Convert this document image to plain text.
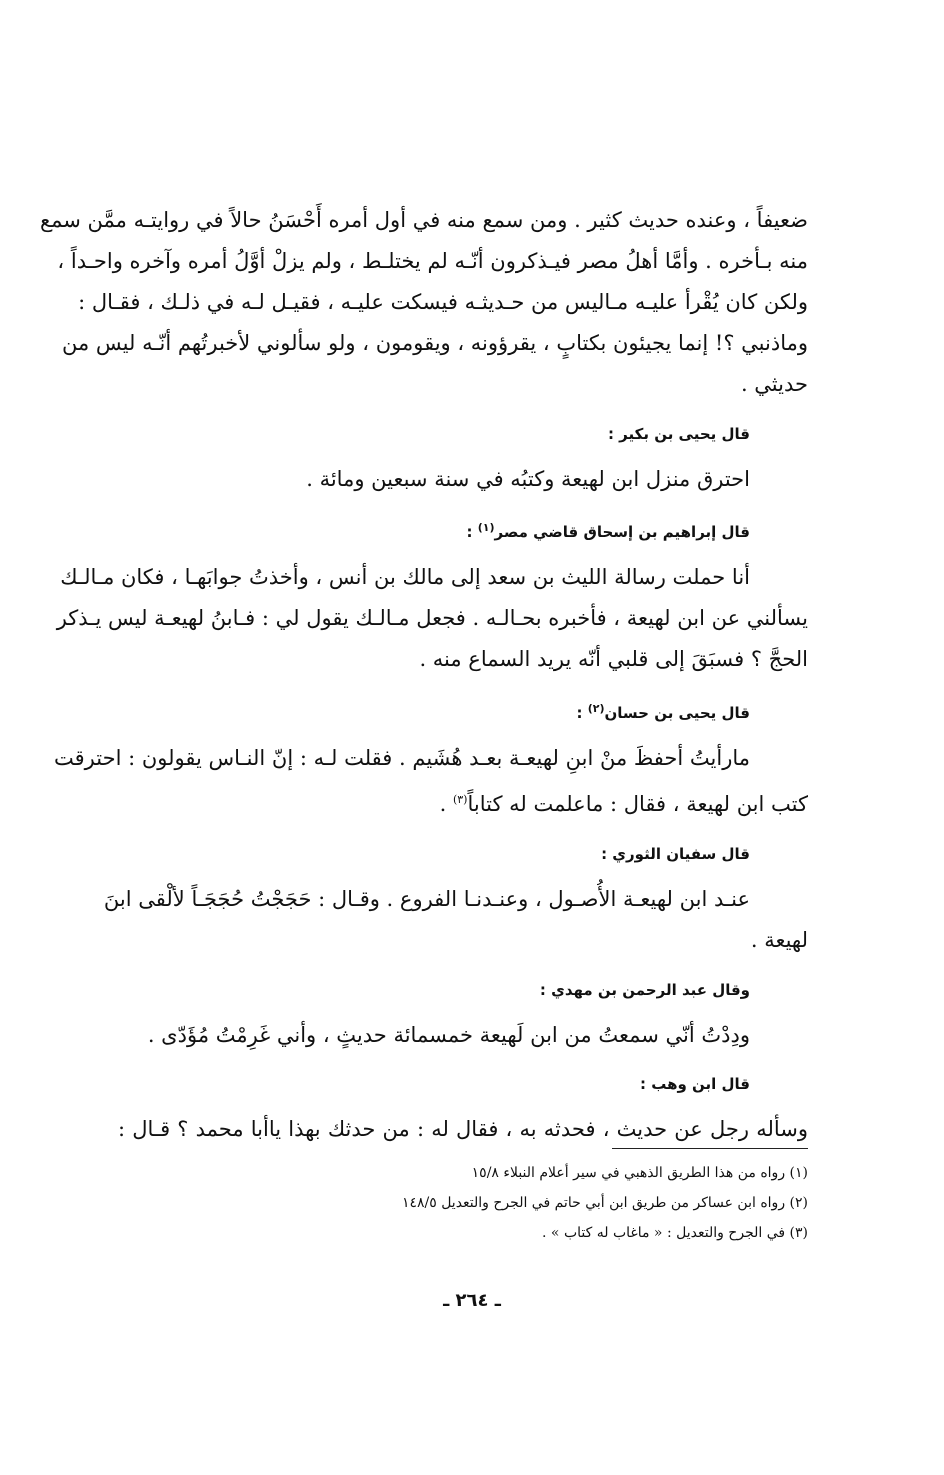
ضعيفاً ، وعنده حديث كثير . ومن سمع منه في أول أمره أَحْسَنُ حالاً في روايتـه ممَّن سمع
منه بـأخره . وأمَّا أهلُ مصر فيـذكرون أنّـه لم يختلـط ، ولم يزلْ أوَّلُ أمره وآخره واحـداً ،
ولكن كان يُقْرأ عليـه مـاليس من حـديثـه فيسكت عليـه ، فقيـل لـه في ذلـك ، فقـال :
وماذنبي ؟! إنما يجيئون بكتابٍ ، يقرؤونه ، ويقومون ، ولو سألوني لأخبرتُهم أنّـه ليس من
حديثي .

قال يحيى بن بكير :

احترق منزل ابن لهيعة وكتبُه في سنة سبعين ومائة .

قال إبراهيم بن إسحاق قاضي مصر$^{(١)}$ :

أنا حملت رسالة الليث بن سعد إلى مالك بن أنس ، وأخذتُ جوابَهـا ، فكان مـالـك
يسألني عن ابن لهيعة ، فأخبره بحـالـه . فجعل مـالـك يقول لي : فـابنُ لهيعـة ليس يـذكر
الحجَّ ؟ فسبَقَ إلى قلبي أنّه يريد السماع منه .

قال يحيى بن حسان$^{(٢)}$ :

مارأيتُ أحفظَ منْ ابنِ لهيعـة بعـد هُشَيم . فقلت لـه : إنّ النـاس يقولون : احترقت
كتب ابن لهيعة ، فقال : ماعلمت له كتاباً$^{(٣)}$ .

قال سفيان الثوري :

عنـد ابن لهيعـة الأُصـول ، وعنـدنـا الفروع . وقـال : حَجَجْتُ حُجَجَـاً لألْقى ابنَ
لهيعة .

وقال عبد الرحمن بن مهدي :

ودِدْتُ أنّي سمعتُ من ابن لَهيعة خمسمائة حديثٍ ، وأني غَرِمْتُ مُؤَدّى .

قال ابن وهب :

وسأله رجل عن حديث ، فحدثه به ، فقال له : من حدثك بهذا ياأبا محمد ؟ قـال :

(١) رواه من هذا الطريق الذهبي في سير أعلام النبلاء ١٥/٨

(٢) رواه ابن عساكر من طريق ابن أبي حاتم في الجرح والتعديل ١٤٨/٥

(٣) في الجرح والتعديل : « ماغاب له كتاب » .

ـ ٢٦٤ ـ
